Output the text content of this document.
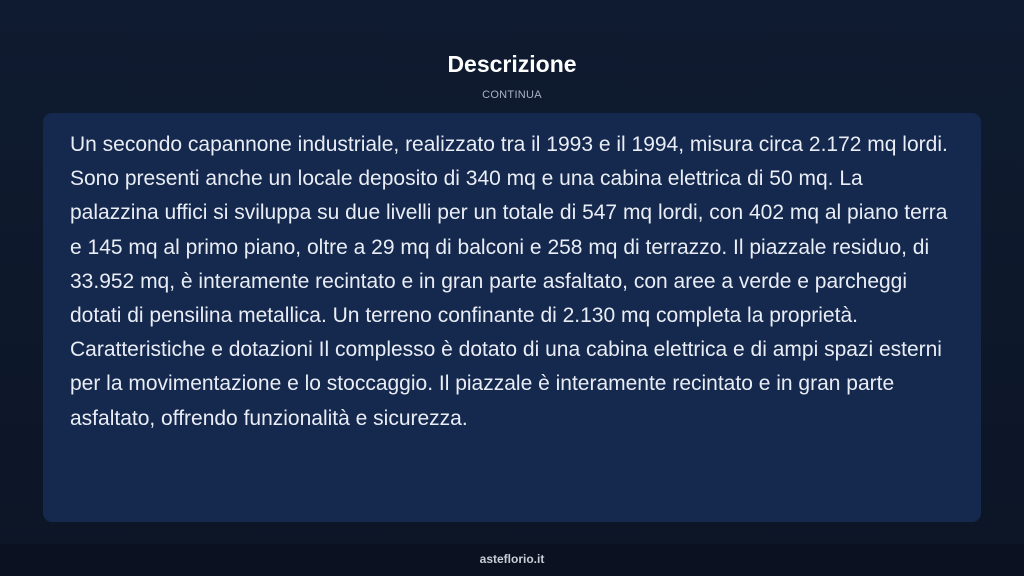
Descrizione
CONTINUA

Un secondo capannone industriale, realizzato tra il 1993 e il 1994, misura circa 2.172 mq lordi. Sono presenti anche un locale deposito di 340 mq e una cabina elettrica di 50 mq. La palazzina uffici si sviluppa su due livelli per un totale di 547 mq lordi, con 402 mq al piano terra e 145 mq al primo piano, oltre a 29 mq di balconi e 258 mq di terrazzo. Il piazzale residuo, di 33.952 mq, è interamente recintato e in gran parte asfaltato, con aree a verde e parcheggi dotati di pensilina metallica. Un terreno confinante di 2.130 mq completa la proprietà. Caratteristiche e dotazioni Il complesso è dotato di una cabina elettrica e di ampi spazi esterni per la movimentazione e lo stoccaggio. Il piazzale è interamente recintato e in gran parte asfaltato, offrendo funzionalità e sicurezza.

asteflorio.it
